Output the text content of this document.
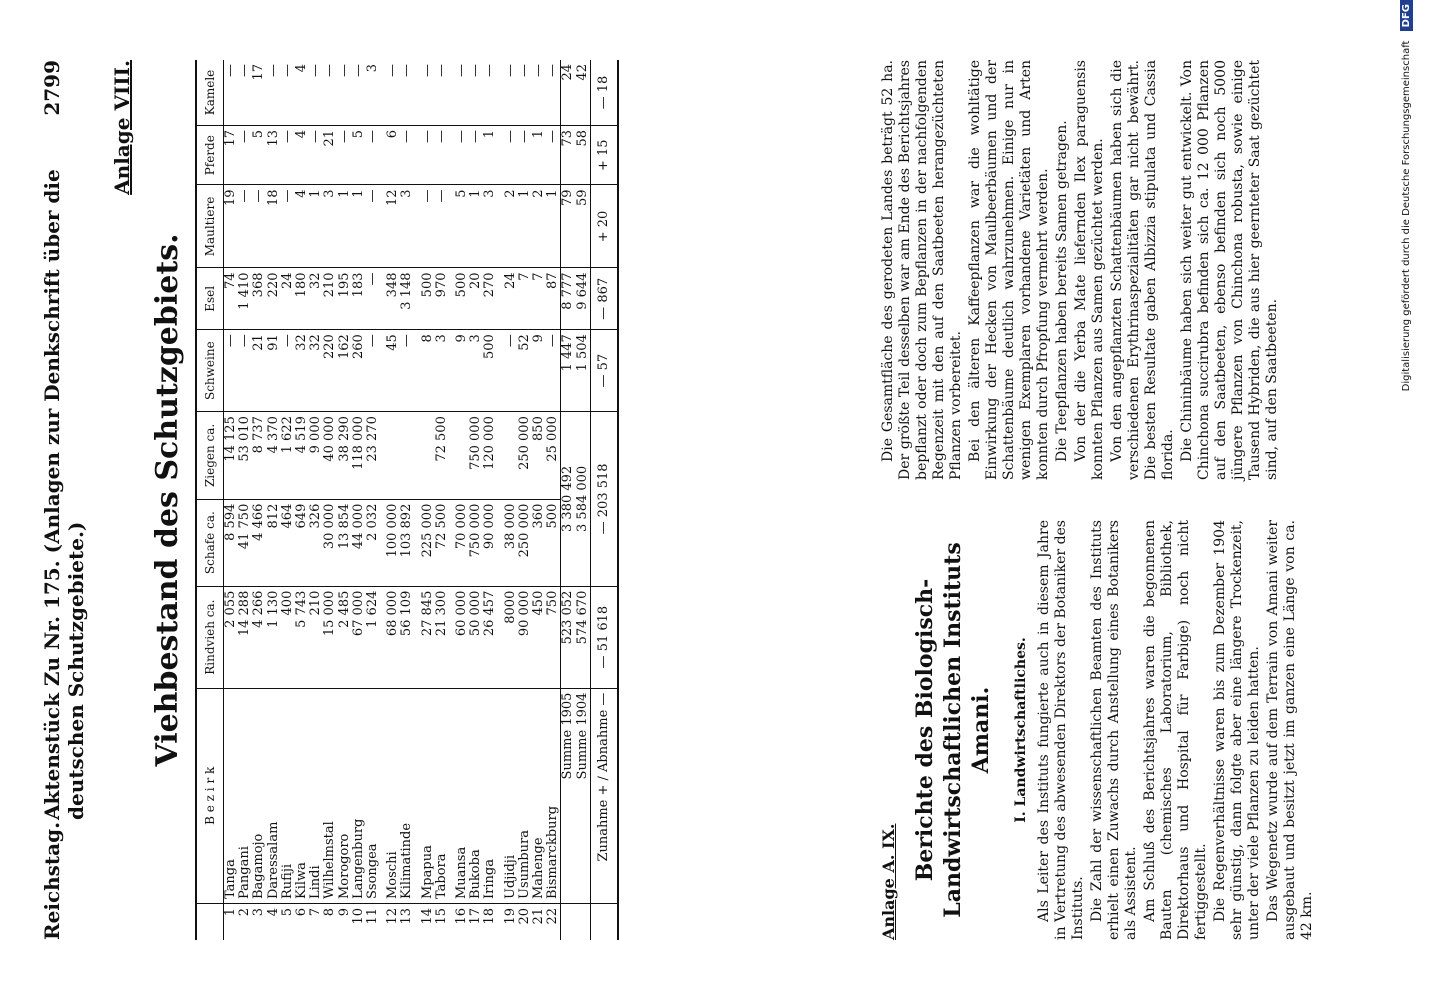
Reichstag.
Aktenstück Zu Nr. 175. (Anlagen zur Denkschrift über die deutschen Schutzgebiete.)
2799 Anlage VIII.
Viehbestand des Schutzgebiets.
	B e z i r k	Rindvieh ca.	Schafe ca.	Ziegen ca.	Schweine	Esel	Maultiere	Pferde	Kamele
1	Tanga	2 055	8 594	14 125	—	74	19	17	—
2	Pangani	14 288	41 750	53 010	—	1 410	—	—	—
3	Bagamojo	4 266	4 466	8 737	21	368	—	5	17
4	Daressalam	1 130	812	4 370	91	220	18	13	—
5	Rufiji	400	464	1 622	—	24	—	—	—
6	Kilwa	5 743	649	4 519	32	180	4	4	4
7	Lindi	210	326	9 000	32	32	1	—	—
8	Wilhelmstal	15 000	30 000	40 000	220	210	3	21	—
9	Morogoro	2 485	13 854	38 290	162	195	1	—	—
10	Langenburg	67 000	44 000	118 000	260	183	1	5	—
11	Ssongea	1 624	2 032	23 270	—	—	—	—	3

12	Moschi	68 000	100 000		45	348	12	6	—
13	Kilimatinde	56 109	103 892		—	3 148	3	—	—

14	Mpapua	27 845	225 000		8	500	—	—	—
15	Tabora	21 300	72 500	72 500	3	970	—	—	—

16	Muansa	60 000	70 000		9	500	5	—	—
17	Bukoba	50 000	750 000	750 000	3	20	1	—	—
18	Iringa	26 457	90 000	120 000	500	270	3	1	—

19	Udjidji	8000	38 000		—	24	2	—	—
20	Usumbura	90 000	250 000	250 000	52	7	1	—	—
21	Mahenge	450	360	850	9	7	2	1	—
22	Bismarckburg	750	500	25 000	—	87	1	—	—
	Summe 1905	523 052	3 380 492		1 447	8 777	79	73	24
	Summe 1904	574 670	3 584 000		1 504	9 644	59	58	42
	Zunahme + / Abnahme —	— 51 618	— 203 518		— 57	— 867	+ 20	+ 15	— 18
Anlage A. IX.
Berichte des Biologisch-Landwirtschaftlichen Instituts Amani. I. Landwirtschaftliches. Als Leiter des Instituts fungierte auch in diesem Jahre in Vertretung des abwesenden Direktors der Botaniker des Instituts. Die Zahl der wissenschaftlichen Beamten des Instituts erhielt einen Zuwachs durch Anstellung eines Botanikers als Assistent. Am Schluß des Berichtsjahres waren die begonnenen Bauten (chemisches Laboratorium, Bibliothek, Direktorhaus und Hospital für Farbige) noch nicht fertiggestellt. Die Regenverhältnisse waren bis zum Dezember 1904 sehr günstig, dann folgte aber eine längere Trockenzeit, unter der viele Pflanzen zu leiden hatten. Das Wegenetz wurde auf dem Terrain von Amani weiter ausgebaut und besitzt jetzt im ganzen eine Länge von ca. 42 km.

Die Gesamtfläche des gerodeten Landes beträgt 52 ha. Der größte Teil desselben war am Ende des Berichtsjahres bepflanzt oder doch zum Bepflanzen in der nachfolgenden Regenzeit mit den auf den Saatbeeten herangezüchteten Pflanzen vorbereitet. Bei den älteren Kaffeepflanzen war die wohltätige Einwirkung der Hecken von Maulbeerbäumen und der Schattenbäume deutlich wahrzunehmen. Einige nur in wenigen Exemplaren vorhandene Varietäten und Arten konnten durch Pfropfung vermehrt werden. Die Teepflanzen haben bereits Samen getragen. Von der die Yerba Mate liefernden Ilex paraguensis konnten Pflanzen aus Samen gezüchtet werden. Von den angepflanzten Schattenbäumen haben sich die verschiedenen Erythrinaspezialitäten gar nicht bewährt. Die besten Resultate gaben Albizzia stipulata und Cassia florida. Die Chininbäume haben sich weiter gut entwickelt. Von Chinchona succirubra befinden sich ca. 12 000 Pflanzen auf den Saatbeeten, ebenso befinden sich noch 5000 jüngere Pflanzen von Chinchona robusta, sowie einige Tausend Hybriden, die aus hier geernteter Saat gezüchtet sind, auf den Saatbeeten.	Digitalisierung gefördert durch die Deutsche Forschungsgemeinschaft DFG
